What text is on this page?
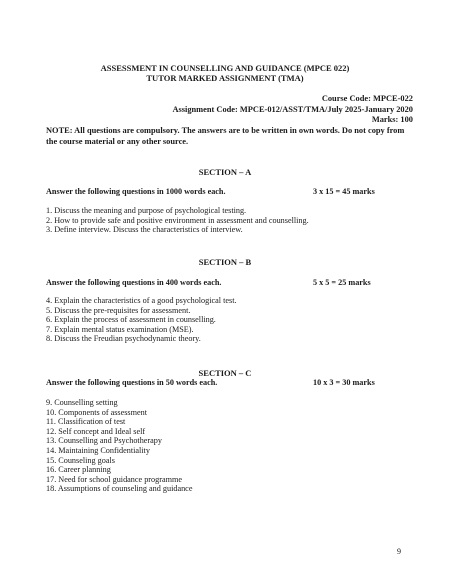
ASSESSMENT IN COUNSELLING AND GUIDANCE (MPCE 022)
TUTOR MARKED ASSIGNMENT (TMA)
Course Code: MPCE-022
Assignment Code: MPCE-012/ASST/TMA/July 2025-January 2020
Marks: 100
NOTE: All questions are compulsory. The answers are to be written in own words. Do not copy from the course material or any other source.
SECTION – A
Answer the following questions in 1000 words each.	3 x 15 = 45 marks
1. Discuss the meaning and purpose of psychological testing.
2. How to provide safe and positive environment in assessment and counselling.
3. Define interview. Discuss the characteristics of interview.
SECTION – B
Answer the following questions in 400 words each.	5 x 5 = 25 marks
4. Explain the characteristics of a good psychological test.
5. Discuss the pre-requisites for assessment.
6. Explain the process of assessment in counselling.
7. Explain mental status examination (MSE).
8. Discuss the Freudian psychodynamic theory.
SECTION – C
Answer the following questions in 50 words each.	10 x 3 = 30 marks
9. Counselling setting
10. Components of assessment
11. Classification of test
12. Self concept and Ideal self
13. Counselling and Psychotherapy
14. Maintaining Confidentiality
15. Counseling goals
16. Career planning
17. Need for school guidance programme
18. Assumptions of counseling and guidance
9
